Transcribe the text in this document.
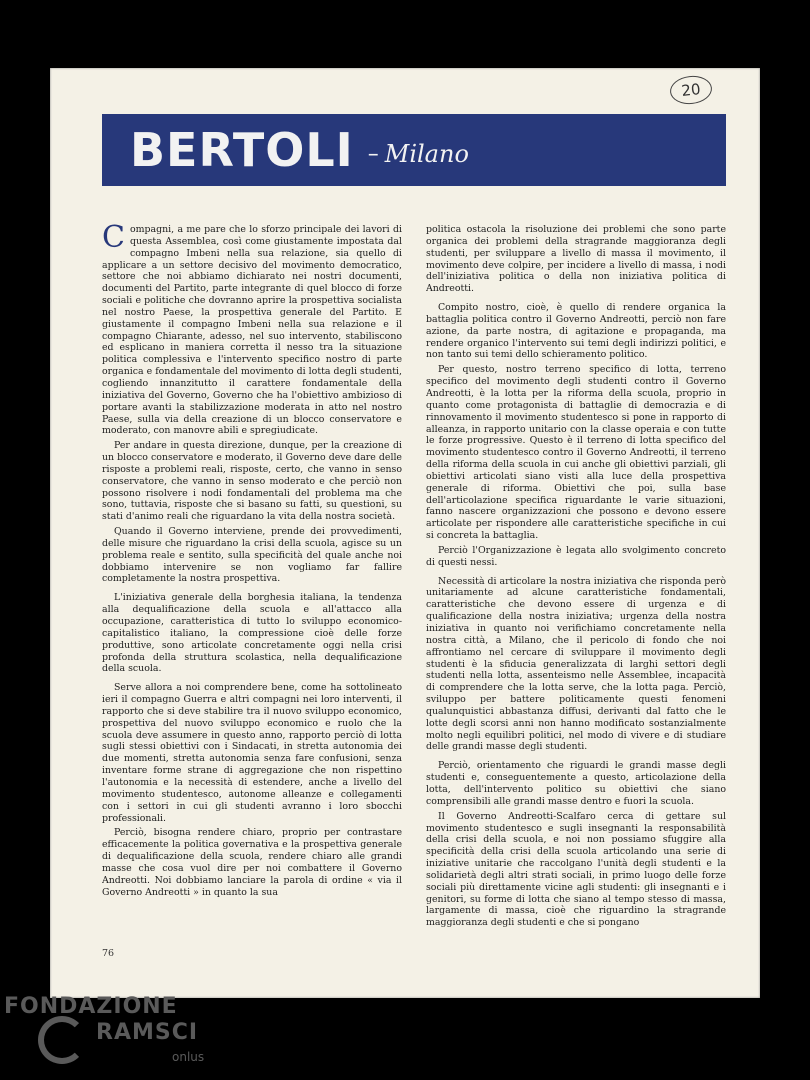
20
BERTOLI – Milano

Compagni, a me pare che lo sforzo principale dei lavori di questa Assemblea, così come giustamente impostata dal compagno Imbeni nella sua relazione, sia quello di applicare a un settore decisivo del movimento democratico, settore che noi abbiamo dichiarato nei nostri documenti, documenti del Partito, parte integrante di quel blocco di forze sociali e politiche che dovranno aprire la prospettiva socialista nel nostro Paese, la prospettiva generale del Partito. E giustamente il compagno Imbeni nella sua relazione e il compagno Chiarante, adesso, nel suo intervento, stabiliscono ed esplicano in maniera corretta il nesso tra la situazione politica complessiva e l'intervento specifico nostro di parte organica e fondamentale del movimento di lotta degli studenti, cogliendo innanzitutto il carattere fondamentale della iniziativa del Governo, Governo che ha l'obiettivo ambizioso di portare avanti la stabilizzazione moderata in atto nel nostro Paese, sulla via della creazione di un blocco conservatore e moderato, con manovre abili e spregiudicate.

Per andare in questa direzione, dunque, per la creazione di un blocco conservatore e moderato, il Governo deve dare delle risposte a problemi reali, risposte, certo, che vanno in senso conservatore, che vanno in senso moderato e che perciò non possono risolvere i nodi fondamentali del problema ma che sono, tuttavia, risposte che si basano su fatti, su questioni, su stati d'animo reali che riguardano la vita della nostra società.

Quando il Governo interviene, prende dei provvedimenti, delle misure che riguardano la crisi della scuola, agisce su un problema reale e sentito, sulla specificità del quale anche noi dobbiamo intervenire se non vogliamo far fallire completamente la nostra prospettiva.

L'iniziativa generale della borghesia italiana, la tendenza alla dequalificazione della scuola e all'attacco alla occupazione, caratteristica di tutto lo sviluppo economico-capitalistico italiano, la compressione cioè delle forze produttive, sono articolate concretamente oggi nella crisi profonda della struttura scolastica, nella dequalificazione della scuola.

Serve allora a noi comprendere bene, come ha sottolineato ieri il compagno Guerra e altri compagni nei loro interventi, il rapporto che si deve stabilire tra il nuovo sviluppo economico, prospettiva del nuovo sviluppo economico e ruolo che la scuola deve assumere in questo anno, rapporto perciò di lotta sugli stessi obiettivi con i Sindacati, in stretta autonomia dei due momenti, stretta autonomia senza fare confusioni, senza inventare forme strane di aggregazione che non rispettino l'autonomia e la necessità di estendere, anche a livello del movimento studentesco, autonome alleanze e collegamenti con i settori in cui gli studenti avranno i loro sbocchi professionali.

Perciò, bisogna rendere chiaro, proprio per contrastare efficacemente la politica governativa e la prospettiva generale di dequalificazione della scuola, rendere chiaro alle grandi masse che cosa vuol dire per noi combattere il Governo Andreotti. Noi dobbiamo lanciare la parola di ordine « via il Governo Andreotti » in quanto la sua

politica ostacola la risoluzione dei problemi che sono parte organica dei problemi della stragrande maggioranza degli studenti, per sviluppare a livello di massa il movimento, il movimento deve colpire, per incidere a livello di massa, i nodi dell'iniziativa politica o della non iniziativa politica di Andreotti.

Compito nostro, cioè, è quello di rendere organica la battaglia politica contro il Governo Andreotti, perciò non fare azione, da parte nostra, di agitazione e propaganda, ma rendere organico l'intervento sui temi degli indirizzi politici, e non tanto sui temi dello schieramento politico.

Per questo, nostro terreno specifico di lotta, terreno specifico del movimento degli studenti contro il Governo Andreotti, è la lotta per la riforma della scuola, proprio in quanto come protagonista di battaglie di democrazia e di rinnovamento il movimento studentesco si pone in rapporto di alleanza, in rapporto unitario con la classe operaia e con tutte le forze progressive. Questo è il terreno di lotta specifico del movimento studentesco contro il Governo Andreotti, il terreno della riforma della scuola in cui anche gli obiettivi parziali, gli obiettivi articolati siano visti alla luce della prospettiva generale di riforma. Obiettivi che poi, sulla base dell'articolazione specifica riguardante le varie situazioni, fanno nascere organizzazioni che possono e devono essere articolate per rispondere alle caratteristiche specifiche in cui si concreta la battaglia.

Perciò l'Organizzazione è legata allo svolgimento concreto di questi nessi.

Necessità di articolare la nostra iniziativa che risponda però unitariamente ad alcune caratteristiche fondamentali, caratteristiche che devono essere di urgenza e di qualificazione della nostra iniziativa; urgenza della nostra iniziativa in quanto noi verifichiamo concretamente nella nostra città, a Milano, che il pericolo di fondo che noi affrontiamo nel cercare di sviluppare il movimento degli studenti è la sfiducia generalizzata di larghi settori degli studenti nella lotta, assenteismo nelle Assemblee, incapacità di comprendere che la lotta serve, che la lotta paga. Perciò, sviluppo per battere politicamente questi fenomeni qualunquistici abbastanza diffusi, derivanti dal fatto che le lotte degli scorsi anni non hanno modificato sostanzialmente molto negli equilibri politici, nel modo di vivere e di studiare delle grandi masse degli studenti.

Perciò, orientamento che riguardi le grandi masse degli studenti e, conseguentemente a questo, articolazione della lotta, dell'intervento politico su obiettivi che siano comprensibili alle grandi masse dentro e fuori la scuola.

Il Governo Andreotti-Scalfaro cerca di gettare sul movimento studentesco e sugli insegnanti la responsabilità della crisi della scuola, e noi non possiamo sfuggire alla specificità della crisi della scuola articolando una serie di iniziative unitarie che raccolgano l'unità degli studenti e la solidarietà degli altri strati sociali, in primo luogo delle forze sociali più direttamente vicine agli studenti: gli insegnanti e i genitori, su forme di lotta che siano al tempo stesso di massa, largamente di massa, cioè che riguardino la stragrande maggioranza degli studenti e che si pongano

76
FONDAZIONE
RAMSCI
onlus
